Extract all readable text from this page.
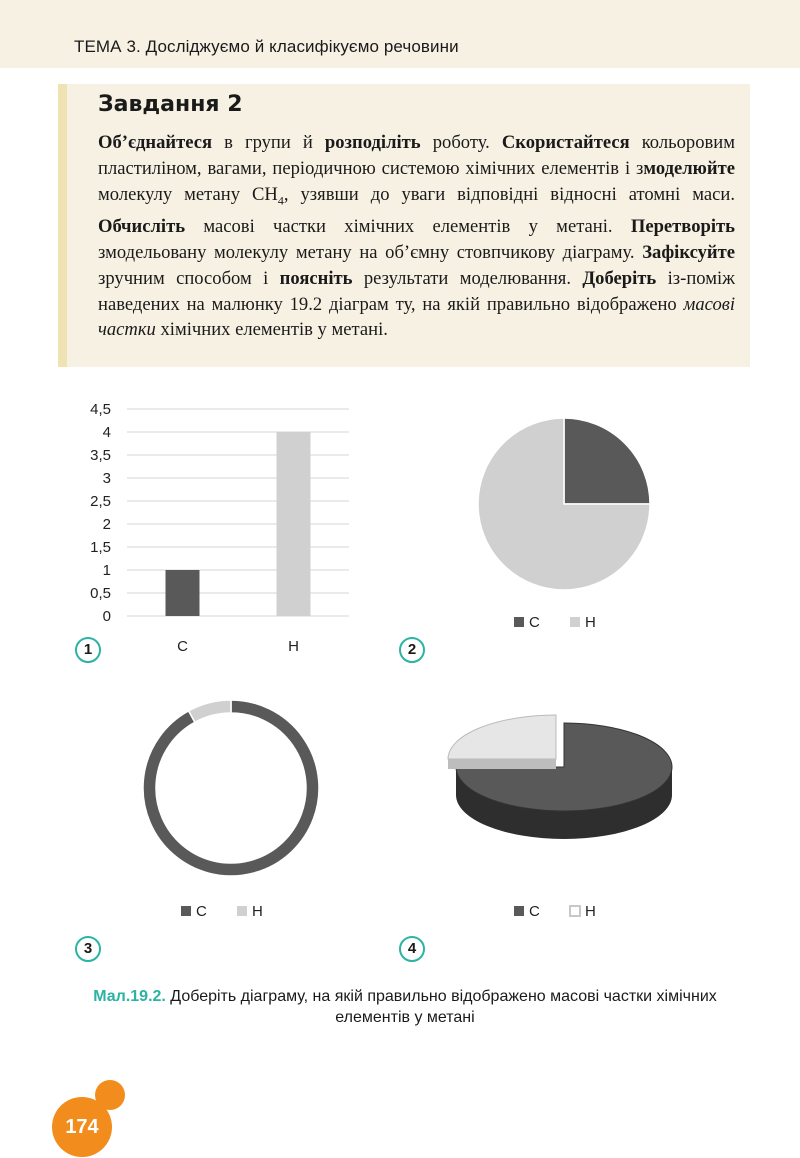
ТЕМА 3. Досліджуємо й класифікуємо речовини
Завдання 2
Об’єднайтеся в групи й розподіліть роботу. Скористайтеся кольоровим пластиліном, вагами, періодичною системою хімічних елементів і змоделюйте молекулу метану $CH_4$, узявши до уваги відповідні відносні атомні маси. Обчисліть масові частки хімічних елементів у метані. Перетворіть змодельовану молекулу метану на об’ємну стовпчикову діаграму. Зафіксуйте зручним способом і поясніть результати моделювання. Доберіть із-поміж наведених на малюнку 19.2 діаграм ту, на якій правильно відображено масові частки хімічних елементів у метані.
0
0,5
1
1,5
2
2,5
3
3,5
4
4,5
C	H
C	H
C	H	C	H
1	2
3	4
Мал.19.2. Доберіть діаграму, на якій правильно відображено масові частки хімічних елементів у метані
174
